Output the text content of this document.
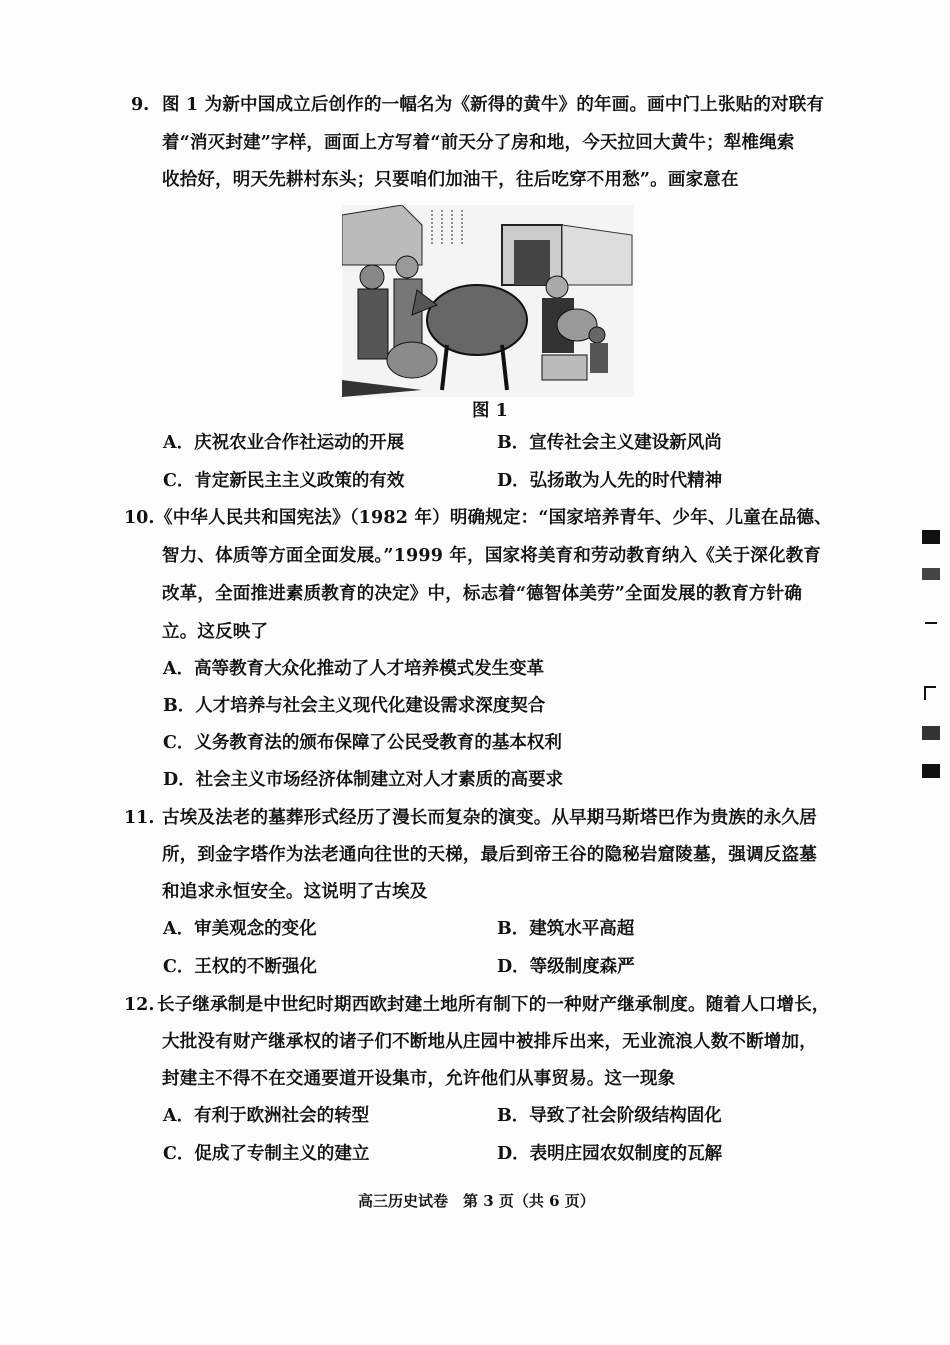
9. 图 1 为新中国成立后创作的一幅名为《新得的黄牛》的年画。画中门上张贴的对联有
着“消灭封建”字样，画面上方写着“前天分了房和地，今天拉回大黄牛；犁椎绳索
收拾好，明天先耕村东头；只要咱们加油干，往后吃穿不用愁”。画家意在
图 1
A．庆祝农业合作社运动的开展	B．宣传社会主义建设新风尚
C．肯定新民主主义政策的有效	D．弘扬敢为人先的时代精神
10. 《中华人民共和国宪法》（1982 年）明确规定：“国家培养青年、少年、儿童在品德、
智力、体质等方面全面发展。”1999 年，国家将美育和劳动教育纳入《关于深化教育
改革，全面推进素质教育的决定》中，标志着“德智体美劳”全面发展的教育方针确
立。这反映了
A．高等教育大众化推动了人才培养模式发生变革
B．人才培养与社会主义现代化建设需求深度契合
C．义务教育法的颁布保障了公民受教育的基本权利
D．社会主义市场经济体制建立对人才素质的高要求
11. 古埃及法老的墓葬形式经历了漫长而复杂的演变。从早期马斯塔巴作为贵族的永久居
所，到金字塔作为法老通向往世的天梯，最后到帝王谷的隐秘岩窟陵墓，强调反盗墓
和追求永恒安全。这说明了古埃及
A．审美观念的变化	B．建筑水平高超
C．王权的不断强化	D．等级制度森严
12. 长子继承制是中世纪时期西欧封建土地所有制下的一种财产继承制度。随着人口增长，
大批没有财产继承权的诸子们不断地从庄园中被排斥出来，无业流浪人数不断增加，
封建主不得不在交通要道开设集市，允许他们从事贸易。这一现象
A．有利于欧洲社会的转型	B．导致了社会阶级结构固化
C．促成了专制主义的建立	D．表明庄园农奴制度的瓦解
高三历史试卷　第 3 页（共 6 页）
